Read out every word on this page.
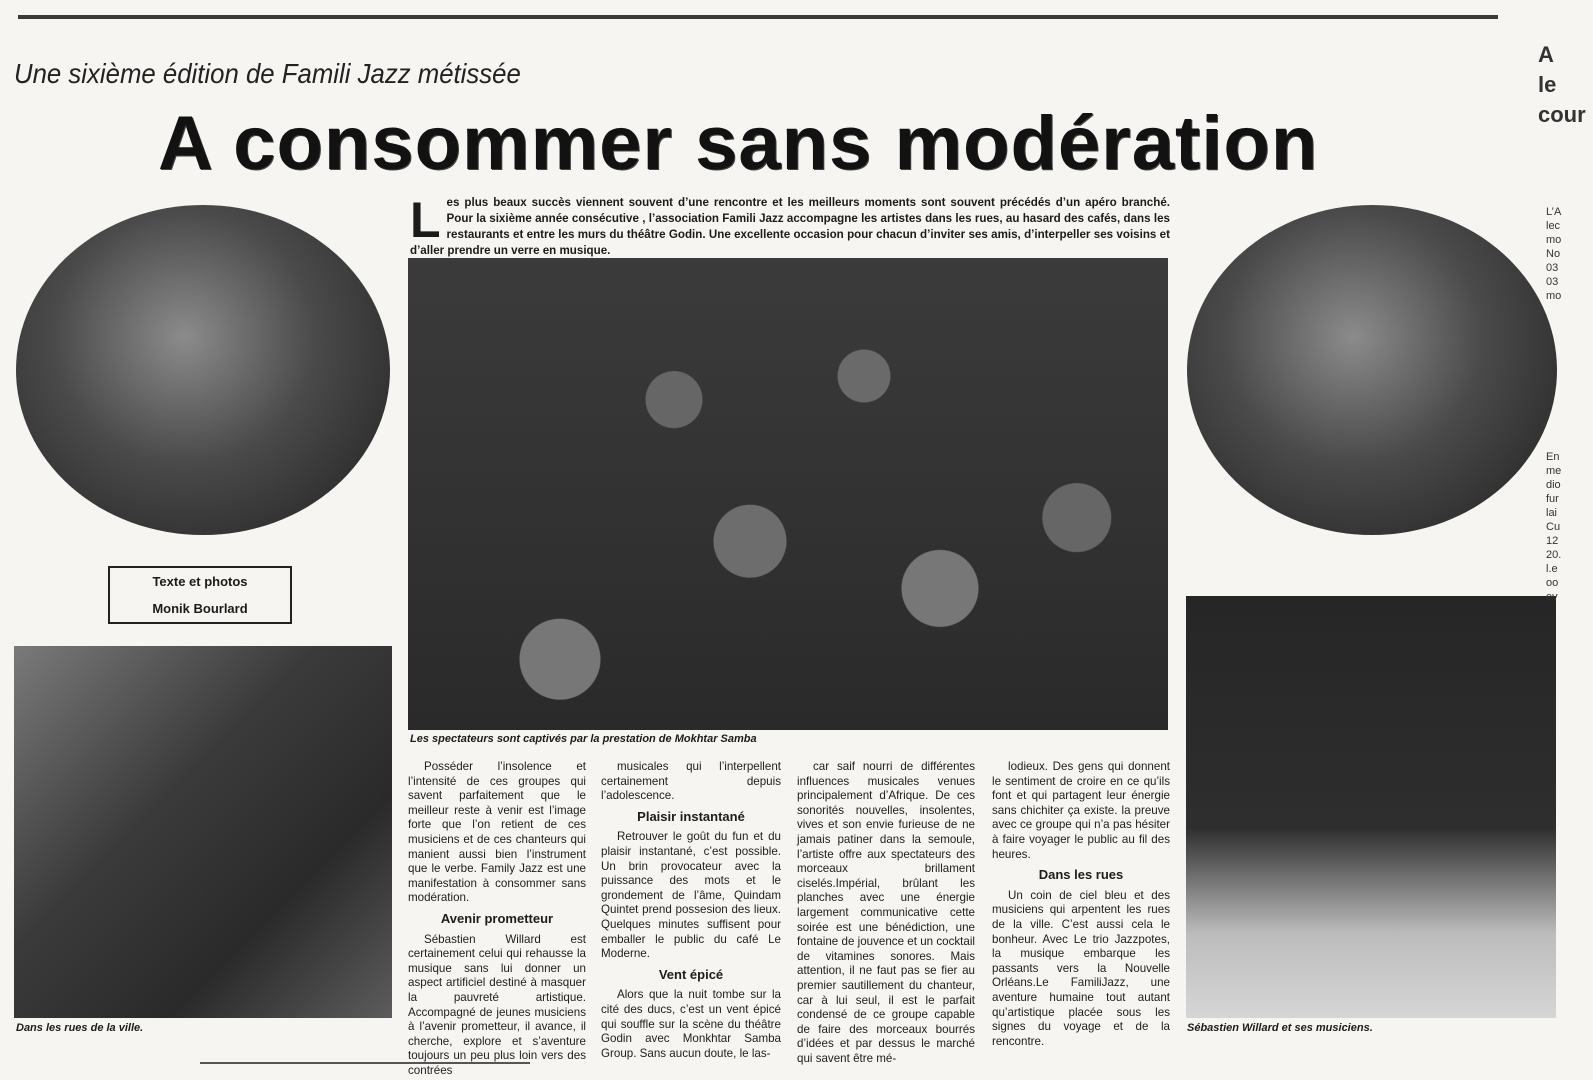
Une sixième édition de Famili Jazz métissée
A consommer sans modération
Texte et photos
Monik Bourlard
Les plus beaux succès viennent souvent d’une rencontre et les meilleurs moments sont souvent précédés d’un apéro branché. Pour la sixième année consécutive , l’association Famili Jazz accompagne les artistes dans les rues, au hasard des cafés, dans les restaurants et entre les murs du théâtre Godin. Une excellente occasion pour chacun d’inviter ses amis, d’interpeller ses voisins et d’aller prendre un verre en musique.
Les spectateurs sont captivés par la prestation de Mokhtar Samba
Dans les rues de la ville.	Sébastien Willard et ses musiciens.

Posséder l’insolence et l’intensité de ces groupes qui savent parfaitement que le meilleur reste à venir est l’image forte que l’on retient de ces musiciens et de ces chanteurs qui manient aussi bien l’instrument que le verbe. Family Jazz est une manifestation à consommer sans modération.

Avenir prometteur

Sébastien Willard est certainement celui qui rehausse la musique sans lui donner un aspect artificiel destiné à masquer la pauvreté artistique. Accompagné de jeunes musiciens à l’avenir prometteur, il avance, il cherche, explore et s’aventure toujours un peu plus loin vers des contrées

musicales qui l’interpellent certainement depuis l’adolescence.

Plaisir instantané

Retrouver le goût du fun et du plaisir instantané, c’est possible. Un brin provocateur avec la puissance des mots et le grondement de l’âme, Quindam Quintet prend possesion des lieux. Quelques minutes suffisent pour emballer le public du café Le Moderne.

Vent épicé

Alors que la nuit tombe sur la cité des ducs, c’est un vent épicé qui souffle sur la scène du théâtre Godin avec Monkhtar Samba Group. Sans aucun doute, le las-

car saif nourri de différentes influences musicales venues principalement d’Afrique. De ces sonorités nouvelles, insolentes, vives et son envie furieuse de ne jamais patiner dans la semoule, l’artiste offre aux spectateurs des morceaux brillament ciselés.Impérial, brûlant les planches avec une énergie largement communicative cette soirée est une bénédiction, une fontaine de jouvence et un cocktail de vitamines sonores. Mais attention, il ne faut pas se fier au premier sautillement du chanteur, car à lui seul, il est le parfait condensé de ce groupe capable de faire des morceaux bourrés d’idées et par dessus le marché qui savent être mé-

lodieux. Des gens qui donnent le sentiment de croire en ce qu’ils font et qui partagent leur énergie sans chichiter ça existe. la preuve avec ce groupe qui n’a pas hésiter à faire voyager le public au fil des heures.

Dans les rues

Un coin de ciel bleu et des musiciens qui arpentent les rues de la ville. C’est aussi cela le bonheur. Avec Le trio Jazzpotes, la musique embarque les passants vers la Nouvelle Orléans.Le FamiliJazz, une aventure humaine tout autant qu’artistique placée sous les signes du voyage et de la rencontre.

A
le
cour
L’A
lec
mo
No
03
03
mo
En
me
dio
fur
lai
Cu
12
20.
l.e
oo
ev
